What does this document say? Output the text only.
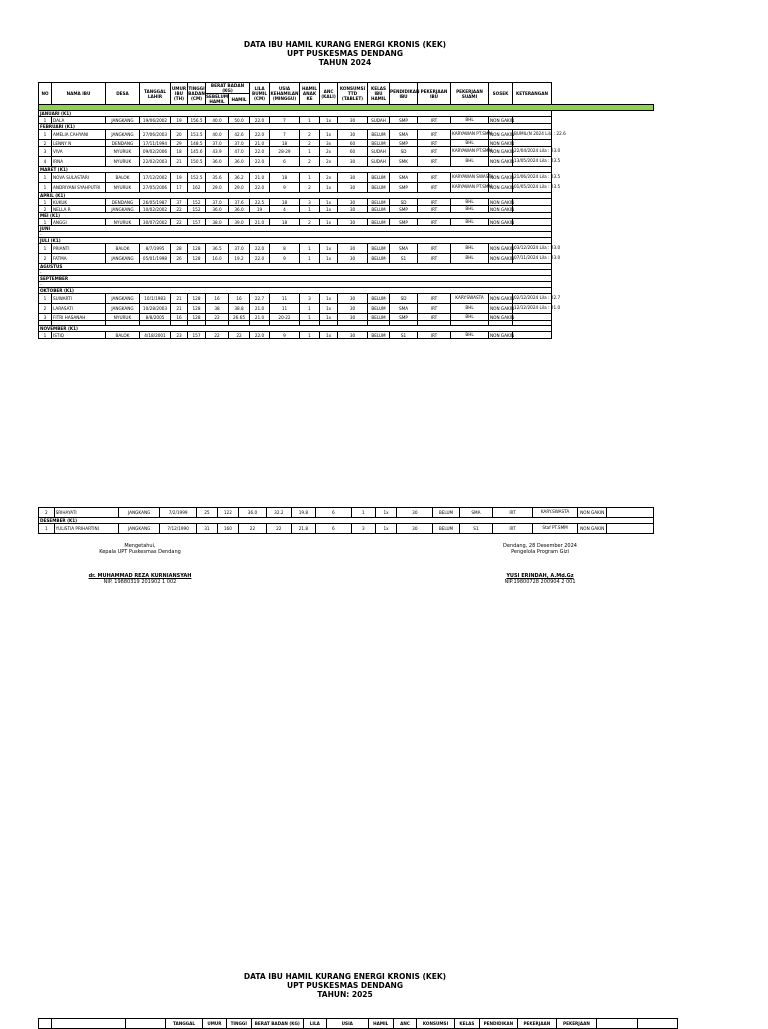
DATA IBU HAMIL KURANG ENERGI KRONIS (KEK)
UPT PUSKESMAS DENDANG
TAHUN 2024
NO	NAMA IBU	DESA	TANGGAL LAHIR	UMUR IBU (TH)	TINGGI BADAN (CM)	BERAT BADAN (KG)		LILA BUMIL (CM)	USIA KEHAMILAN (MINGGU)	HAMIL ANAK KE	ANC (KALI)	KONSUMSI TTD (TABLET)	KELAS IBU HAMIL	PENDIDIKAN IBU	PEKERJAAN IBU	PEKERJAAN SUAMI	SOSEK	KETERANGAN
						SEBELUM HAMIL	HAMIL											

JANUARI (K1)																		
1	DALA	JANGKANG	19/06/2002	19	156.5	40.0	50.0	22.0	7	1	1x	30	SUDAH	SMP	IRT	BHL	NON GAKIN	
FEBRUARI (K1)																		
1	AMELIA CAHYANI	JANGKANG	27/06/2003	20	153.5	40.0	42.6	22.0	7	2	1x	30	BELUM	SMA	IRT	KARYAWAN PT.SMM	NON GAKIN	BUMIL(N 2024 Lila : 22.6
2	LENNY N	DENDANG	17/11/1994	29	148.5	37.0	37.0	21.0	18	2	3x	60	BELUM	SMP	IRT	BHL	NON GAKIN	
3	VIVA	NYURUK	09/02/2006	18	145.6	43.9	47.0	22.0	28-29	1	2x	60	SUDAH	SD	IRT	KARYAWAN PT.SMM	NON GAKIN	22/04/2024 Lila : 23.0
4	IRNA	NYURUK	22/02/2003	21	150.5	36.0	36.0	22.0	6	2	2x	30	SUDAH	SMK	IRT	BHL	NON GAKIN	13/05/2024 Lila : 23.5
MARET (K1)																		
1	NOVA SULASTARI	BALOK	17/12/2002	19	152.5	35.6	36.2	21.0	18	1	2x	30	BELUM	SMA	IRT	KARYAWAN SWASTA	NON GAKIN	21/06/2024 Lila : 23.5
1	ANDRIYANI SYAHPUTRI	NYURUK	27/05/2006	17	162	29.0	29.0	22.0	9	2	1x	30	BELUM	SMP	IRT	KARYAWAN PT.SMM	NON GAKIN	01/05/2024 Lila : 23.5
APRIL (K1)																		
1	KUKUK	DENDANG	26/05/1987	37	152	37.0	37.6	22.5	18	3	1x	30	BELUM	SD	IRT	BHL	NON GAKIN	
2	NELLA R	JANGKANG	10/02/2002	22	152	36.0	36.0	19	4	1	1x	30	BELUM	SMP	IRT	BHL	NON GAKIN	
MEI (K1)																		
1	ANGGI	NYURUK	30/07/2002	22	157	38.0	39.0	21.0	18	2	1x	30	BELUM	SMP	IRT	BHL	NON GAKIN	
JUNI																		
-																		
JULI (K1)																		
1	PRIANTI	BALOK	8/7/1995	28	128	36.5	37.0	22.0	8	1	1x	30	BELUM	SMA	IRT	BHL	NON GAKIN	03/12/2024 Lila : 23.0
2	FATMA	JANGKANG	05/01/1998	26	128	16.0	19.2	22.0	9	1	1x	30	BELUM	S1	IRT	BHL	NON GAKIN	07/11/2024 Lila : 23.0
AGUSTUS																		
-																		
SEPTEMBER																		
-																		
OKTOBER (K1)																		
1	SUWARTI	JANGKANG	10/1/1983	21	128	16	16	22.7	11	3	1x	30	BELUM	SD	IRT	KARY.SWASTA	NON GAKIN	02/12/2024 Lila : 22.7
2	LARASATI	JANGKANG	10/28/2003	21	128	38	38.8	21.0	11	1	1x	30	BELUM	SMA	IRT	BHL	NON GAKIN	12/12/2024 Lila : 21.0
3	FITRI HASANAH	NYURUK	8/8/2005	16	128	22	26.65	21.0	20-22	1	1x	30	BELUM	SMP	IRT	BHL	NON GAKIN	

NOVEMBER (K1)																		
1	ISTIQ	BALOK	4/18/2001	23	157	22	22	22.0	9	1	1x	30	BELUM	S1	IRT	BHL	NON GAKIN	
2	SRIHAYATI	JANGKANG	7/2/1999	25	122	36.0	32.2	19.8	6	1	1x	30	BELUM	SMA	IRT	KARY.SWASTA	NON GAKIN	
DESEMBER (K1)																		
1	YULISTIA PRIHARTINI	JANGKANG	7/12/1990	31	160	22	22	21.8	6	3	1x	30	BELUM	S1	IRT	Staf PT.SMM	NON GAKIN	
Mengetahui,
Kepala UPT Puskesmas Dendang
dr. MUHAMMAD REZA KURNIANSYAH
NIP. 19880319 201902 1 002
Dendang, 28 Desember 2024
Pengelola Program Gizi
YUSI ERINDAH, A.Md.Gz
NIP.19800728 200904 2 001
DATA IBU HAMIL KURANG ENERGI KRONIS (KEK)
UPT PUSKESMAS DENDANG
TAHUN: 2025
			TANGGAL	UMUR	TINGGI	BERAT BADAN (KG)	LILA	USIA	HAMIL	ANC	KONSUMSI	KELAS	PENDIDIKAN	PEKERJAAN	PEKERJAAN		
